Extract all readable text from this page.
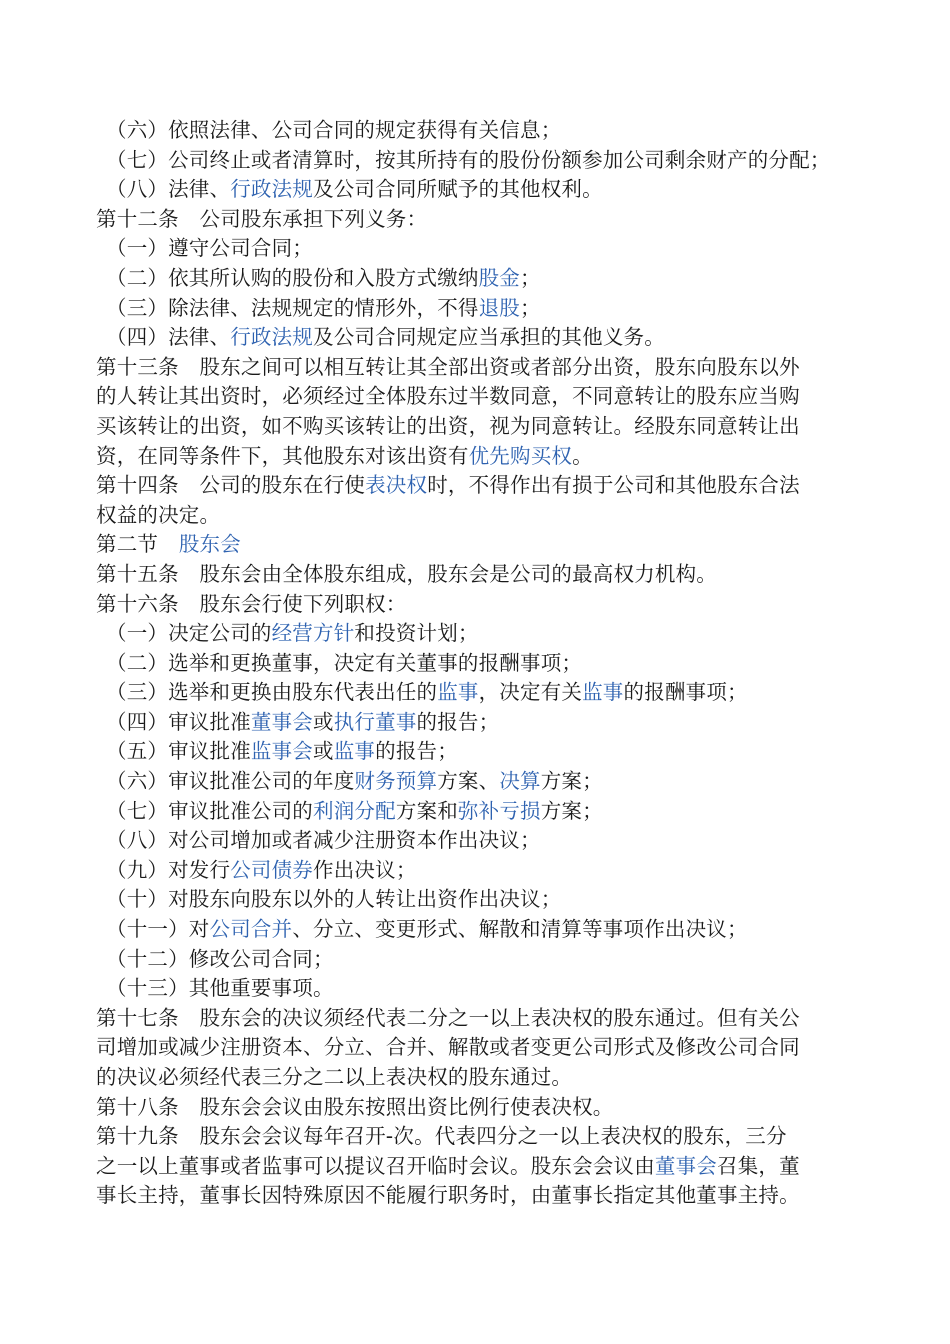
（六）依照法律、公司合同的规定获得有关信息；
（七）公司终止或者清算时，按其所持有的股份份额参加公司剩余财产的分配；
（八）法律、行政法规及公司合同所赋予的其他权利。
第十二条　公司股东承担下列义务：
（一）遵守公司合同；
（二）依其所认购的股份和入股方式缴纳股金；
（三）除法律、法规规定的情形外，不得退股；
（四）法律、行政法规及公司合同规定应当承担的其他义务。
第十三条　股东之间可以相互转让其全部出资或者部分出资，股东向股东以外
的人转让其出资时，必须经过全体股东过半数同意，不同意转让的股东应当购
买该转让的出资，如不购买该转让的出资，视为同意转让。经股东同意转让出
资，在同等条件下，其他股东对该出资有优先购买权。
第十四条　公司的股东在行使表决权时，不得作出有损于公司和其他股东合法
权益的决定。
第二节　股东会
第十五条　股东会由全体股东组成，股东会是公司的最高权力机构。
第十六条　股东会行使下列职权：
（一）决定公司的经营方针和投资计划；
（二）选举和更换董事，决定有关董事的报酬事项；
（三）选举和更换由股东代表出任的监事，决定有关监事的报酬事项；
（四）审议批准董事会或执行董事的报告；
（五）审议批准监事会或监事的报告；
（六）审议批准公司的年度财务预算方案、决算方案；
（七）审议批准公司的利润分配方案和弥补亏损方案；
（八）对公司增加或者减少注册资本作出决议；
（九）对发行公司债券作出决议；
（十）对股东向股东以外的人转让出资作出决议；
（十一）对公司合并、分立、变更形式、解散和清算等事项作出决议；
（十二）修改公司合同；
（十三）其他重要事项。
第十七条　股东会的决议须经代表二分之一以上表决权的股东通过。但有关公
司增加或减少注册资本、分立、合并、解散或者变更公司形式及修改公司合同
的决议必须经代表三分之二以上表决权的股东通过。
第十八条　股东会会议由股东按照出资比例行使表决权。
第十九条　股东会会议每年召开-次。代表四分之一以上表决权的股东，三分
之一以上董事或者监事可以提议召开临时会议。股东会会议由董事会召集，董
事长主持，董事长因特殊原因不能履行职务时，由董事长指定其他董事主持。
